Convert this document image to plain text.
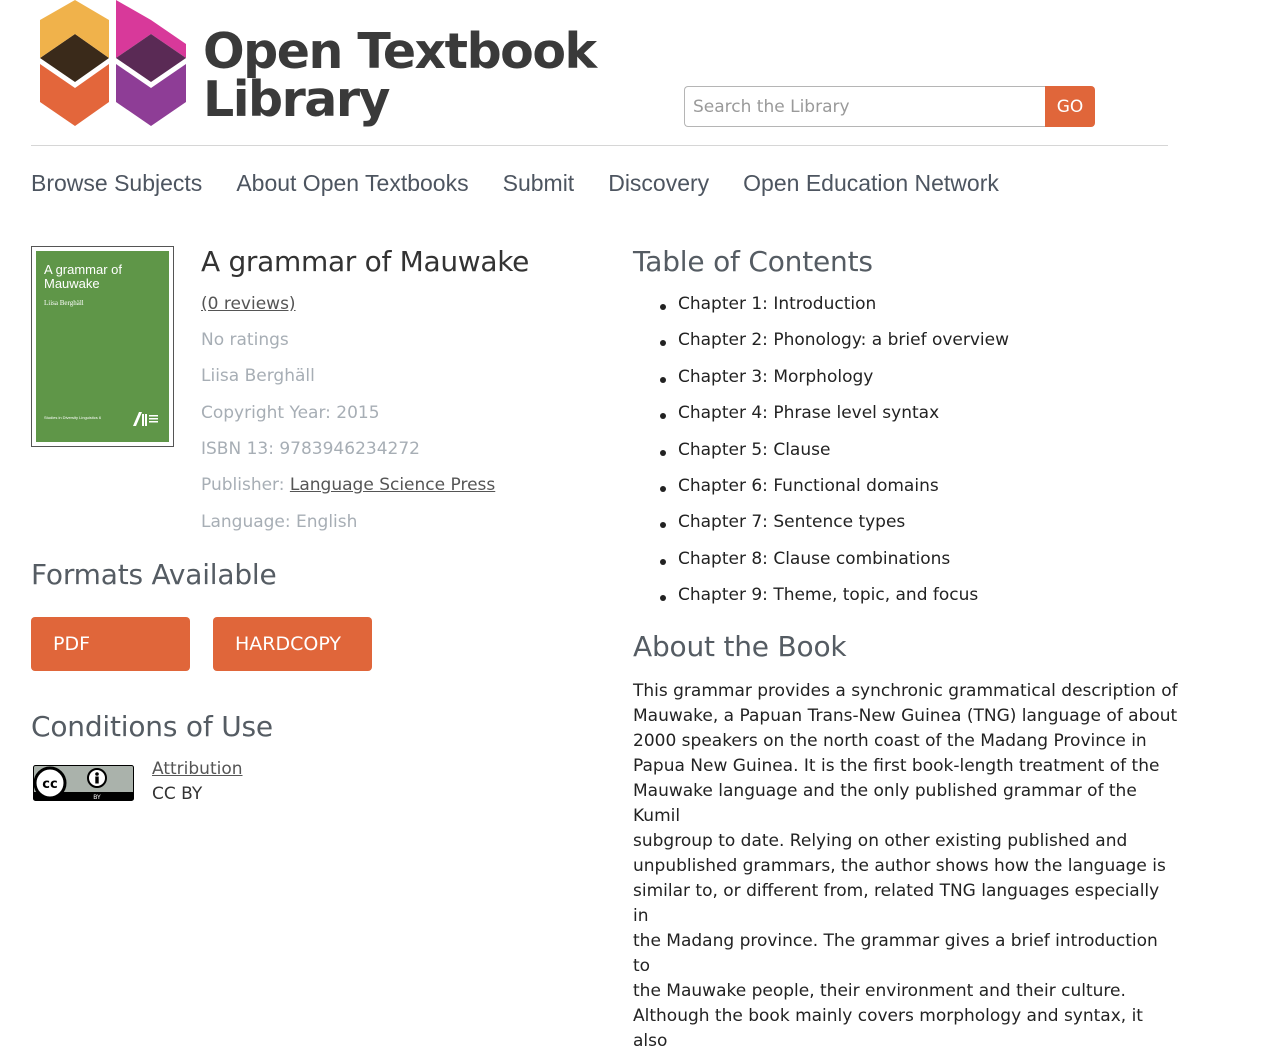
Open Textbook
Library
Search the Library	GO
Browse Subjects About Open Textbooks Submit Discovery Open Education Network
A grammar of Mauwake
Liisa Berghäll
Studies in Diversity Linguistics 6
A grammar of Mauwake
(0 reviews)
No ratings
Liisa Berghäll
Copyright Year: 2015
ISBN 13: 9783946234272
Publisher: Language Science Press
Language: English
Formats Available
PDF	HARDCOPY
Conditions of Use
cc
BY
Attribution
CC BY
Table of Contents
Chapter 1: Introduction
Chapter 2: Phonology: a brief overview
Chapter 3: Morphology
Chapter 4: Phrase level syntax
Chapter 5: Clause
Chapter 6: Functional domains
Chapter 7: Sentence types
Chapter 8: Clause combinations
Chapter 9: Theme, topic, and focus
About the Book
This grammar provides a synchronic grammatical description of
Mauwake, a Papuan Trans-New Guinea (TNG) language of about
2000 speakers on the north coast of the Madang Province in
Papua New Guinea. It is the first book-length treatment of the
Mauwake language and the only published grammar of the Kumil
subgroup to date. Relying on other existing published and
unpublished grammars, the author shows how the language is
similar to, or different from, related TNG languages especially in
the Madang province. The grammar gives a brief introduction to
the Mauwake people, their environment and their culture.
Although the book mainly covers morphology and syntax, it also
